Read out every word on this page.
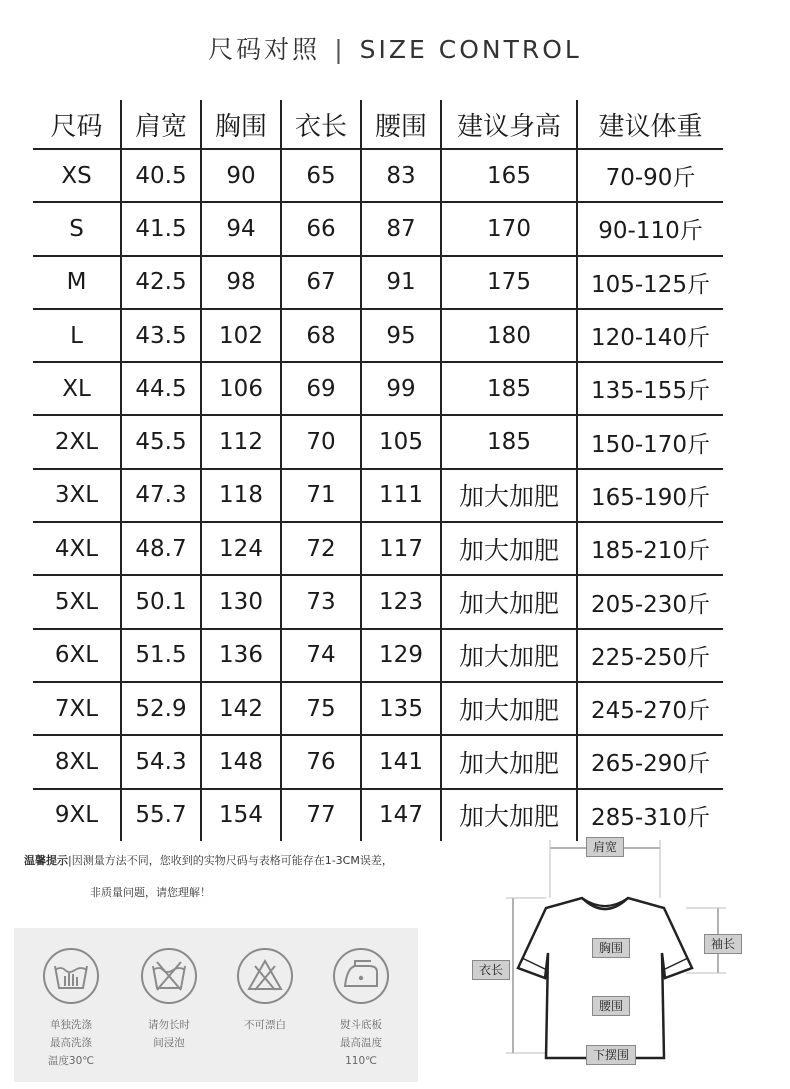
尺码对照 | SIZE CONTROL
尺码	肩宽	胸围	衣长	腰围	建议身高	建议体重
XS	40.5	90	65	83	165	70-90斤
S	41.5	94	66	87	170	90-110斤
M	42.5	98	67	91	175	105-125斤
L	43.5	102	68	95	180	120-140斤
XL	44.5	106	69	99	185	135-155斤
2XL	45.5	112	70	105	185	150-170斤
3XL	47.3	118	71	111	加大加肥	165-190斤
4XL	48.7	124	72	117	加大加肥	185-210斤
5XL	50.1	130	73	123	加大加肥	205-230斤
6XL	51.5	136	74	129	加大加肥	225-250斤
7XL	52.9	142	75	135	加大加肥	245-270斤
8XL	54.3	148	76	141	加大加肥	265-290斤
9XL	55.7	154	77	147	加大加肥	285-310斤
温馨提示|因测量方法不同，您收到的实物尺码与表格可能存在1-3CM误差，
非质量问题，请您理解！
单独洗涤
最高洗涤
温度30℃
请勿长时
间浸泡
不可漂白	熨斗底板
最高温度
110℃
肩宽
胸围	袖长
衣长
腰围
下摆围
